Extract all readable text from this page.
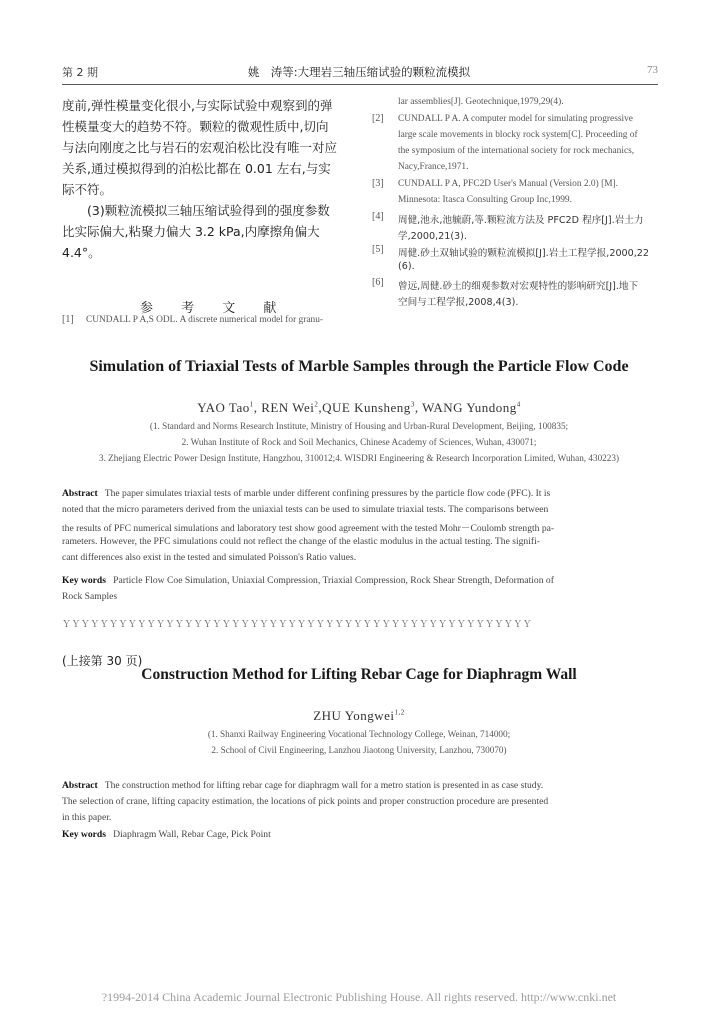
第 2 期	姚　涛等:大理岩三轴压缩试验的颗粒流模拟	73
度前,弹性模量变化很小,与实际试验中观察到的弹
性模量变大的趋势不符。颗粒的微观性质中,切向
与法向刚度之比与岩石的宏观泊松比没有唯一对应
关系,通过模拟得到的泊松比都在 0.01 左右,与实
际不符。
　　(3)颗粒流模拟三轴压缩试验得到的强度参数
比实际偏大,粘聚力偏大 3.2 kPa,内摩擦角偏大
4.4°。
参 考 文 献
[1] CUNDALL P A,S ODL. A discrete numerical model for granu-
lar assemblies[J]. Geotechnique,1979,29(4).
[2] CUNDALL P A. A computer model for simulating progressive
large scale movements in blocky rock system[C]. Proceeding of
the symposium of the international society for rock mechanics,
Nacy,France,1971.
[3] CUNDALL P A, PFC2D User's Manual (Version 2.0) [M].
Minnesota: Itasca Consulting Group Inc,1999.
[4] 周健,池永,池毓蔚,等.颗粒流方法及 PFC2D 程序[J].岩土力
学,2000,21(3).
[5] 周健.砂土双轴试验的颗粒流模拟[J].岩土工程学报,2000,22
(6).
[6] 曾远,周健.砂土的细观参数对宏观特性的影响研究[J].地下
空间与工程学报,2008,4(3).
Simulation of Triaxial Tests of Marble Samples through the Particle Flow Code
YAO Tao$^1$, REN Wei$^2$,QUE Kunsheng$^3$, WANG Yundong$^4$
(1. Standard and Norms Research Institute, Ministry of Housing and Urban-Rural Development, Beijing, 100835;
2. Wuhan Institute of Rock and Soil Mechanics, Chinese Academy of Sciences, Wuhan, 430071;
3. Zhejiang Electric Power Design Institute, Hangzhou, 310012;4. WISDRI Engineering & Research Incorporation Limited, Wuhan, 430223)
Abstract The paper simulates triaxial tests of marble under different confining pressures by the particle flow code (PFC). It is
noted that the micro parameters derived from the uniaxial tests can be used to simulate triaxial tests. The comparisons between
the results of PFC numerical simulations and laboratory test show good agreement with the tested Mohr－Coulomb strength pa-
rameters. However, the PFC simulations could not reflect the change of the elastic modulus in the actual testing. The signifi-
cant differences also exist in the tested and simulated Poisson's Ratio values.
Key words Particle Flow Coe Simulation, Uniaxial Compression, Triaxial Compression, Rock Shear Strength, Deformation of
Rock Samples
ＹＹＹＹＹＹＹＹＹＹＹＹＹＹＹＹＹＹＹＹＹＹＹＹＹＹＹＹＹＹＹＹＹＹＹＹＹＹＹＹＹＹＹＹＹＹＹＹＹＹ
(上接第 30 页)
Construction Method for Lifting Rebar Cage for Diaphragm Wall
ZHU Yongwei$^{1,2}$
(1. Shanxi Railway Engineering Vocational Technology College, Weinan, 714000;
2. School of Civil Engineering, Lanzhou Jiaotong University, Lanzhou, 730070)
Abstract The construction method for lifting rebar cage for diaphragm wall for a metro station is presented in as case study.
The selection of crane, lifting capacity estimation, the locations of pick points and proper construction procedure are presented
in this paper.
Key words Diaphragm Wall, Rebar Cage, Pick Point
?1994-2014 China Academic Journal Electronic Publishing House. All rights reserved. http://www.cnki.net
